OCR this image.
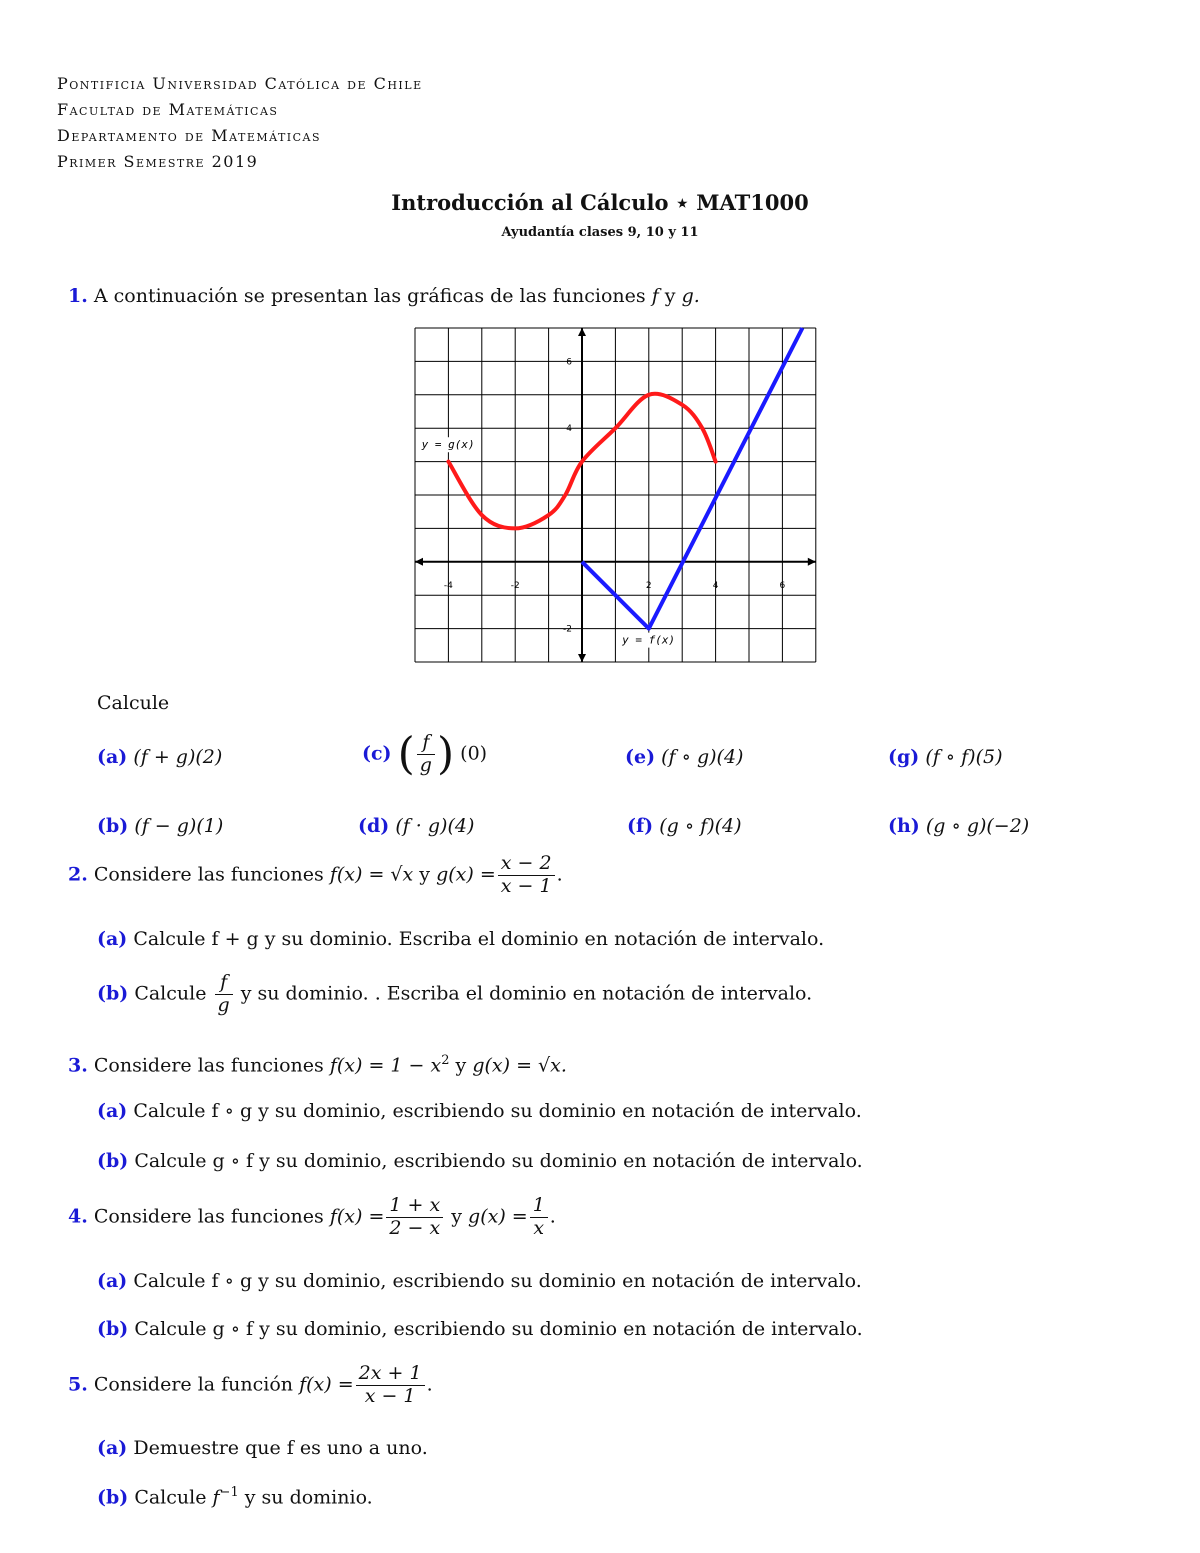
Pontificia Universidad Católica de Chile
Facultad de Matemáticas
Departamento de Matemáticas
Primer Semestre 2019
Introducción al Cálculo ⋆ MAT1000
Ayudantía clases 9, 10 y 11
1. A continuación se presentan las gráficas de las funciones f y g.
-4	-2	2	4	6
6
4
-2
y = g(x)
y = f(x)
Calcule
(a) (f + g)(2)
(b) (f − g)(1)
(c) ( $\frac{f}{g}$ ) (0)
(d) (f · g)(4)
(e) (f ∘ g)(4)
(f) (g ∘ f)(4)
(g) (f ∘ f)(5)
(h) (g ∘ g)(−2)
2. Considere las funciones f(x) = √x y $g(x) = \frac{x - 2}{x - 1}$ .
(a) Calcule f + g y su dominio. Escriba el dominio en notación de intervalo.
(b) Calcule $\frac{f}{g}$ y su dominio. . Escriba el dominio en notación de intervalo.
3. Considere las funciones $f(x) = 1 - x^2$ y g(x) = √x.
(a) Calcule f ∘ g y su dominio, escribiendo su dominio en notación de intervalo.
(b) Calcule g ∘ f y su dominio, escribiendo su dominio en notación de intervalo.
4. Considere las funciones $f(x) = \frac{1 + x}{2 - x}$ y $g(x) = \frac{1}{x}$ .
(a) Calcule f ∘ g y su dominio, escribiendo su dominio en notación de intervalo.
(b) Calcule g ∘ f y su dominio, escribiendo su dominio en notación de intervalo.
5. Considere la función $f(x) = \frac{2x + 1}{x - 1}$ .
(a) Demuestre que f es uno a uno.
(b) Calcule $f^{-1}$ y su dominio.
